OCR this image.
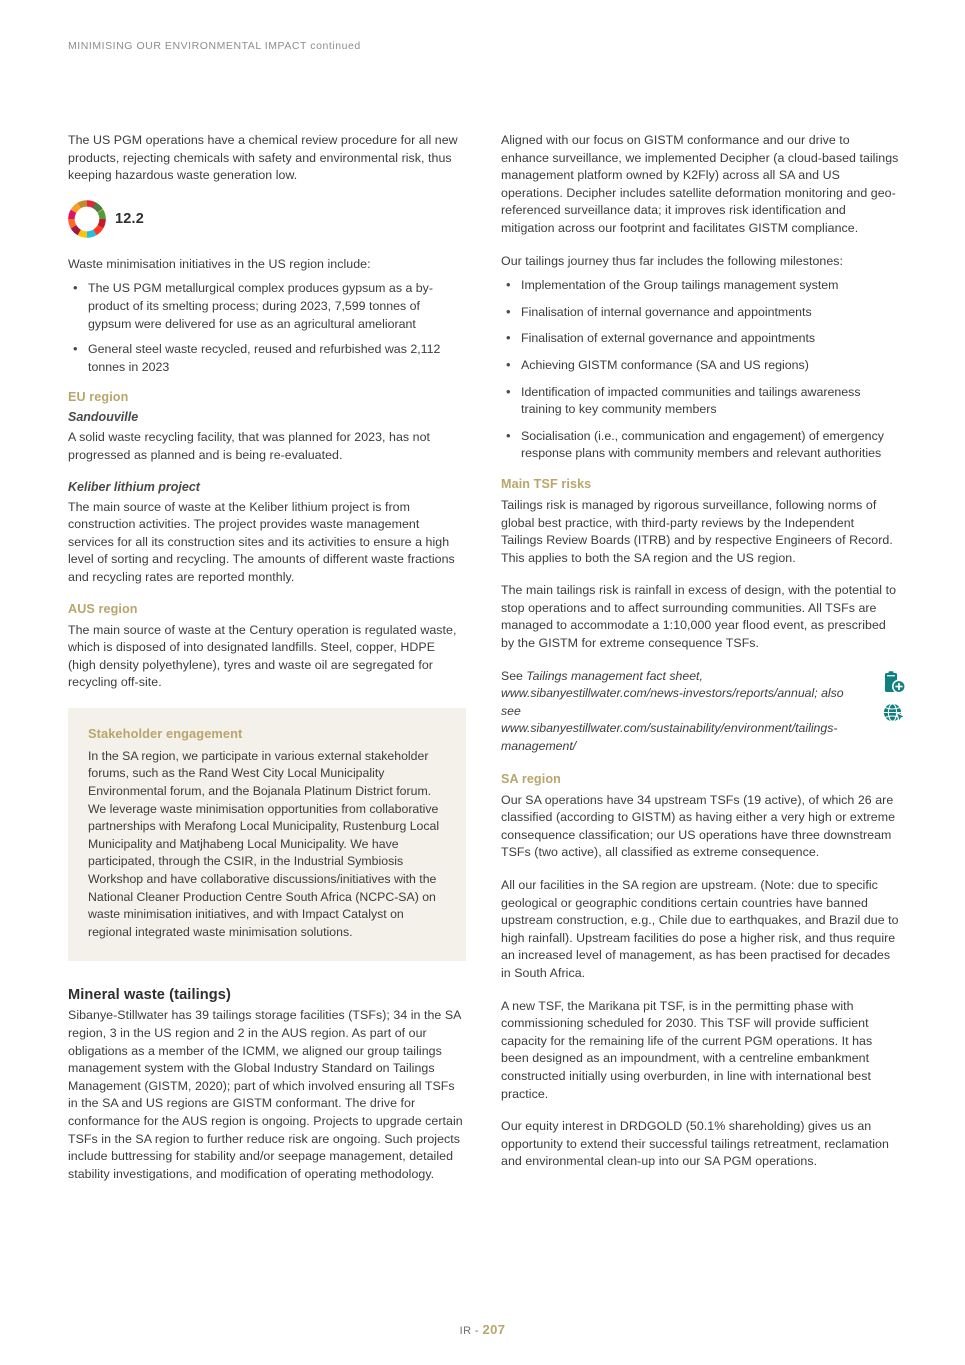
MINIMISING OUR ENVIRONMENTAL IMPACT continued

The US PGM operations have a chemical review procedure for all new products, rejecting chemicals with safety and environmental risk, thus keeping hazardous waste generation low.

12.2

Waste minimisation initiatives in the US region include:

• The US PGM metallurgical complex produces gypsum as a by-product of its smelting process; during 2023, 7,599 tonnes of gypsum were delivered for use as an agricultural ameliorant
• General steel waste recycled, reused and refurbished was 2,112 tonnes in 2023
EU region
Sandouville

A solid waste recycling facility, that was planned for 2023, has not progressed as planned and is being re-evaluated.

Keliber lithium project

The main source of waste at the Keliber lithium project is from construction activities. The project provides waste management services for all its construction sites and its activities to ensure a high level of sorting and recycling. The amounts of different waste fractions and recycling rates are reported monthly.

AUS region

The main source of waste at the Century operation is regulated waste, which is disposed of into designated landfills. Steel, copper, HDPE (high density polyethylene), tyres and waste oil are segregated for recycling off-site.

Stakeholder engagement

In the SA region, we participate in various external stakeholder forums, such as the Rand West City Local Municipality Environmental forum, and the Bojanala Platinum District forum. We leverage waste minimisation opportunities from collaborative partnerships with Merafong Local Municipality, Rustenburg Local Municipality and Matjhabeng Local Municipality. We have participated, through the CSIR, in the Industrial Symbiosis Workshop and have collaborative discussions/initiatives with the National Cleaner Production Centre South Africa (NCPC-SA) on waste minimisation initiatives, and with Impact Catalyst on regional integrated waste minimisation solutions.

Mineral waste (tailings)

Sibanye-Stillwater has 39 tailings storage facilities (TSFs); 34 in the SA region, 3 in the US region and 2 in the AUS region. As part of our obligations as a member of the ICMM, we aligned our group tailings management system with the Global Industry Standard on Tailings Management (GISTM, 2020); part of which involved ensuring all TSFs in the SA and US regions are GISTM conformant. The drive for conformance for the AUS region is ongoing. Projects to upgrade certain TSFs in the SA region to further reduce risk are ongoing. Such projects include buttressing for stability and/or seepage management, detailed stability investigations, and modification of operating methodology.

Aligned with our focus on GISTM conformance and our drive to enhance surveillance, we implemented Decipher (a cloud-based tailings management platform owned by K2Fly) across all SA and US operations. Decipher includes satellite deformation monitoring and geo-referenced surveillance data; it improves risk identification and mitigation across our footprint and facilitates GISTM compliance.

Our tailings journey thus far includes the following milestones:

• Implementation of the Group tailings management system
• Finalisation of internal governance and appointments
• Finalisation of external governance and appointments
• Achieving GISTM conformance (SA and US regions)
• Identification of impacted communities and tailings awareness training to key community members
• Socialisation (i.e., communication and engagement) of emergency response plans with community members and relevant authorities
Main TSF risks

Tailings risk is managed by rigorous surveillance, following norms of global best practice, with third-party reviews by the Independent Tailings Review Boards (ITRB) and by respective Engineers of Record. This applies to both the SA region and the US region.

The main tailings risk is rainfall in excess of design, with the potential to stop operations and to affect surrounding communities. All TSFs are managed to accommodate a 1:10,000 year flood event, as prescribed by the GISTM for extreme consequence TSFs.

See Tailings management fact sheet, www.sibanyestillwater.com/news-investors/reports/annual; also see www.sibanyestillwater.com/sustainability/environment/tailings-management/

SA region

Our SA operations have 34 upstream TSFs (19 active), of which 26 are classified (according to GISTM) as having either a very high or extreme consequence classification; our US operations have three downstream TSFs (two active), all classified as extreme consequence.

All our facilities in the SA region are upstream. (Note: due to specific geological or geographic conditions certain countries have banned upstream construction, e.g., Chile due to earthquakes, and Brazil due to high rainfall). Upstream facilities do pose a higher risk, and thus require an increased level of management, as has been practised for decades in South Africa.

A new TSF, the Marikana pit TSF, is in the permitting phase with commissioning scheduled for 2030. This TSF will provide sufficient capacity for the remaining life of the current PGM operations. It has been designed as an impoundment, with a centreline embankment constructed initially using overburden, in line with international best practice.

Our equity interest in DRDGOLD (50.1% shareholding) gives us an opportunity to extend their successful tailings retreatment, reclamation and environmental clean-up into our SA PGM operations.

IR - 207
